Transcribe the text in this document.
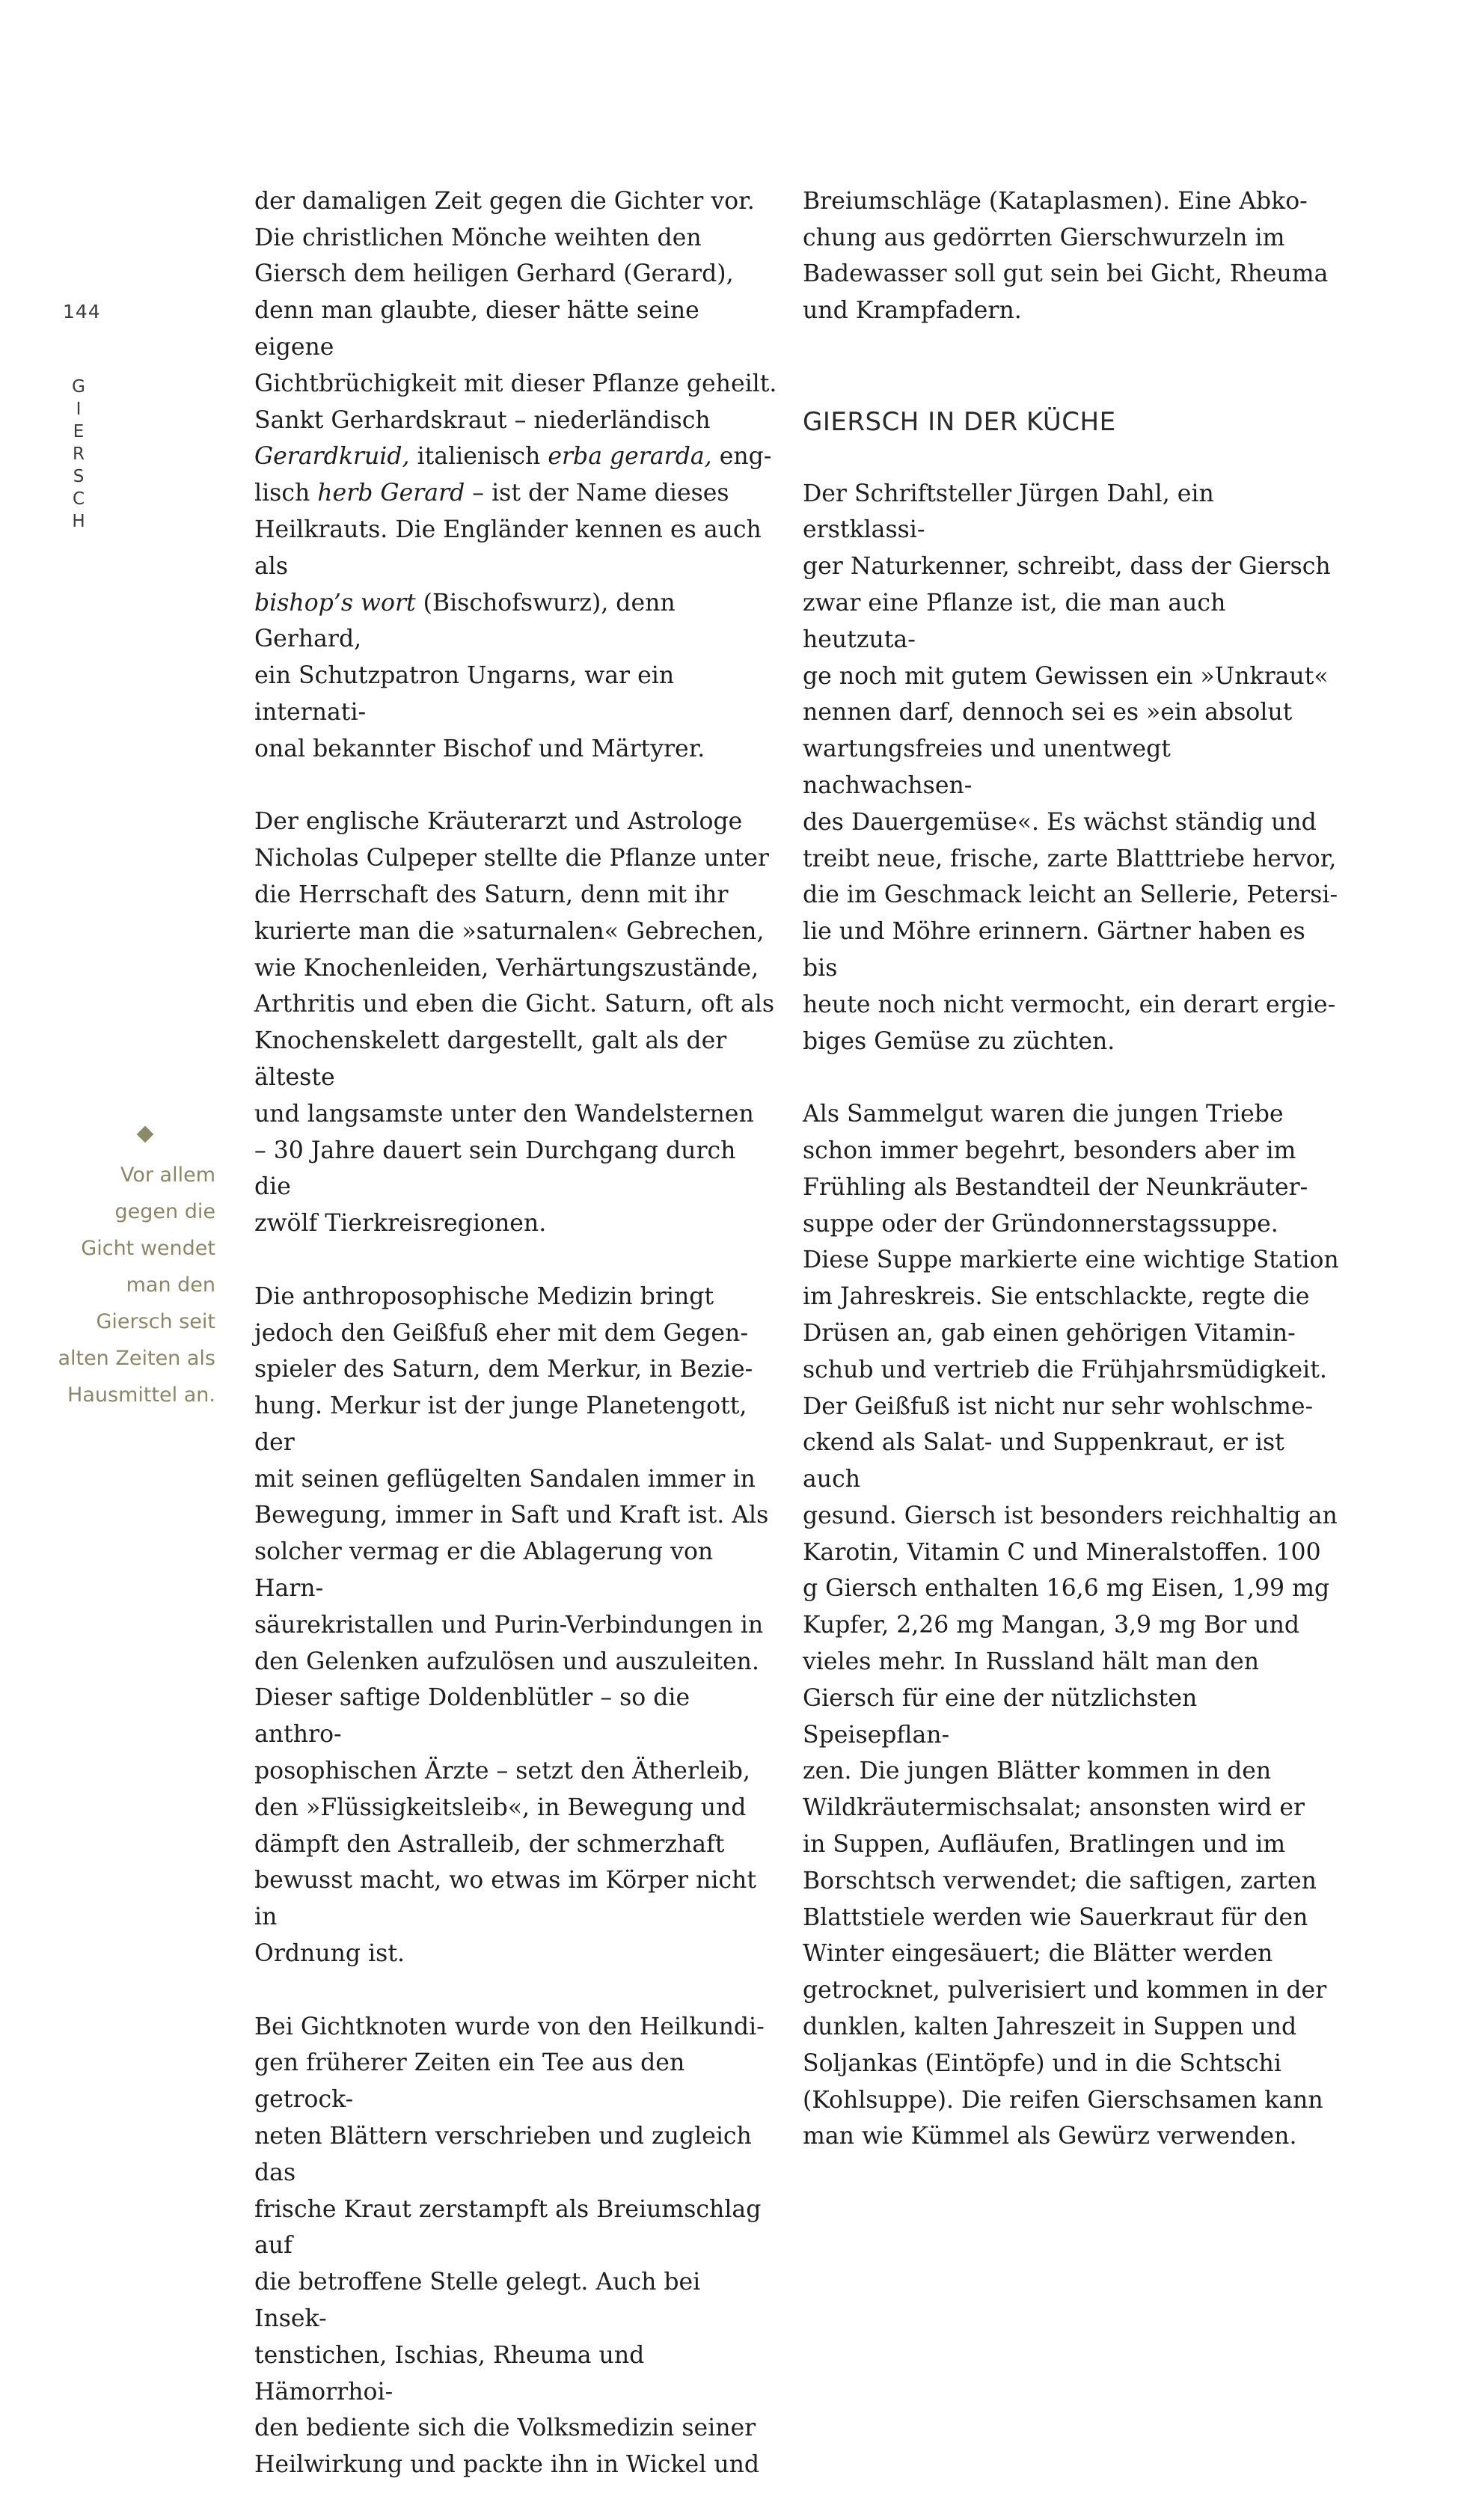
144
G
I
E
R
S
C
H
Vor allem
gegen die
Gicht wendet
man den
Giersch seit
alten Zeiten als
Hausmittel an.

der damaligen Zeit gegen die Gichter vor.
Die christlichen Mönche weihten den
Giersch dem heiligen Gerhard (Gerard),
denn man glaubte, dieser hätte seine eigene
Gichtbrüchigkeit mit dieser Pflanze geheilt.
Sankt Gerhardskraut – niederländisch
Gerardkruid, italienisch erba gerarda, eng-
lisch herb Gerard – ist der Name dieses
Heilkrauts. Die Engländer kennen es auch als
bishop’s wort (Bischofswurz), denn Gerhard,
ein Schutzpatron Ungarns, war ein internati-
onal bekannter Bischof und Märtyrer.

Der englische Kräuterarzt und Astrologe
Nicholas Culpeper stellte die Pflanze unter
die Herrschaft des Saturn, denn mit ihr
kurierte man die »saturnalen« Gebrechen,
wie Knochenleiden, Verhärtungszustände,
Arthritis und eben die Gicht. Saturn, oft als
Knochenskelett dargestellt, galt als der älteste
und langsamste unter den Wandelsternen
– 30 Jahre dauert sein Durchgang durch die
zwölf Tierkreisregionen.

Die anthroposophische Medizin bringt
jedoch den Geißfuß eher mit dem Gegen-
spieler des Saturn, dem Merkur, in Bezie-
hung. Merkur ist der junge Planetengott, der
mit seinen geflügelten Sandalen immer in
Bewegung, immer in Saft und Kraft ist. Als
solcher vermag er die Ablagerung von Harn-
säurekristallen und Purin-Verbindungen in
den Gelenken aufzulösen und auszuleiten.
Dieser saftige Doldenblütler – so die anthro-
posophischen Ärzte – setzt den Ätherleib,
den »Flüssigkeitsleib«, in Bewegung und
dämpft den Astralleib, der schmerzhaft
bewusst macht, wo etwas im Körper nicht in
Ordnung ist.

Bei Gichtknoten wurde von den Heilkundi-
gen früherer Zeiten ein Tee aus den getrock-
neten Blättern verschrieben und zugleich das
frische Kraut zerstampft als Breiumschlag auf
die betroffene Stelle gelegt. Auch bei Insek-
tenstichen, Ischias, Rheuma und Hämorrhoi-
den bediente sich die Volksmedizin seiner
Heilwirkung und packte ihn in Wickel und

Breiumschläge (Kataplasmen). Eine Abko-
chung aus gedörrten Gierschwurzeln im
Badewasser soll gut sein bei Gicht, Rheuma
und Krampfadern.

GIERSCH IN DER KÜCHE

Der Schriftsteller Jürgen Dahl, ein erstklassi-
ger Naturkenner, schreibt, dass der Giersch
zwar eine Pflanze ist, die man auch heutzuta-
ge noch mit gutem Gewissen ein »Unkraut«
nennen darf, dennoch sei es »ein absolut
wartungsfreies und unentwegt nachwachsen-
des Dauergemüse«. Es wächst ständig und
treibt neue, frische, zarte Blatttriebe hervor,
die im Geschmack leicht an Sellerie, Petersi-
lie und Möhre erinnern. Gärtner haben es bis
heute noch nicht vermocht, ein derart ergie-
biges Gemüse zu züchten.

Als Sammelgut waren die jungen Triebe
schon immer begehrt, besonders aber im
Frühling als Bestandteil der Neunkräuter-
suppe oder der Gründonnerstagssuppe.
Diese Suppe markierte eine wichtige Station
im Jahreskreis. Sie entschlackte, regte die
Drüsen an, gab einen gehörigen Vitamin-
schub und vertrieb die Frühjahrsmüdigkeit.
Der Geißfuß ist nicht nur sehr wohlschme-
ckend als Salat- und Suppenkraut, er ist auch
gesund. Giersch ist besonders reichhaltig an
Karotin, Vitamin C und Mineralstoffen. 100
g Giersch enthalten 16,6 mg Eisen, 1,99 mg
Kupfer, 2,26 mg Mangan, 3,9 mg Bor und
vieles mehr. In Russland hält man den
Giersch für eine der nützlichsten Speisepflan-
zen. Die jungen Blätter kommen in den
Wildkräutermischsalat; ansonsten wird er
in Suppen, Aufläufen, Bratlingen und im
Borschtsch verwendet; die saftigen, zarten
Blattstiele werden wie Sauerkraut für den
Winter eingesäuert; die Blätter werden
getrocknet, pulverisiert und kommen in der
dunklen, kalten Jahreszeit in Suppen und
Soljankas (Eintöpfe) und in die Schtschi
(Kohlsuppe). Die reifen Gierschsamen kann
man wie Kümmel als Gewürz verwenden.
